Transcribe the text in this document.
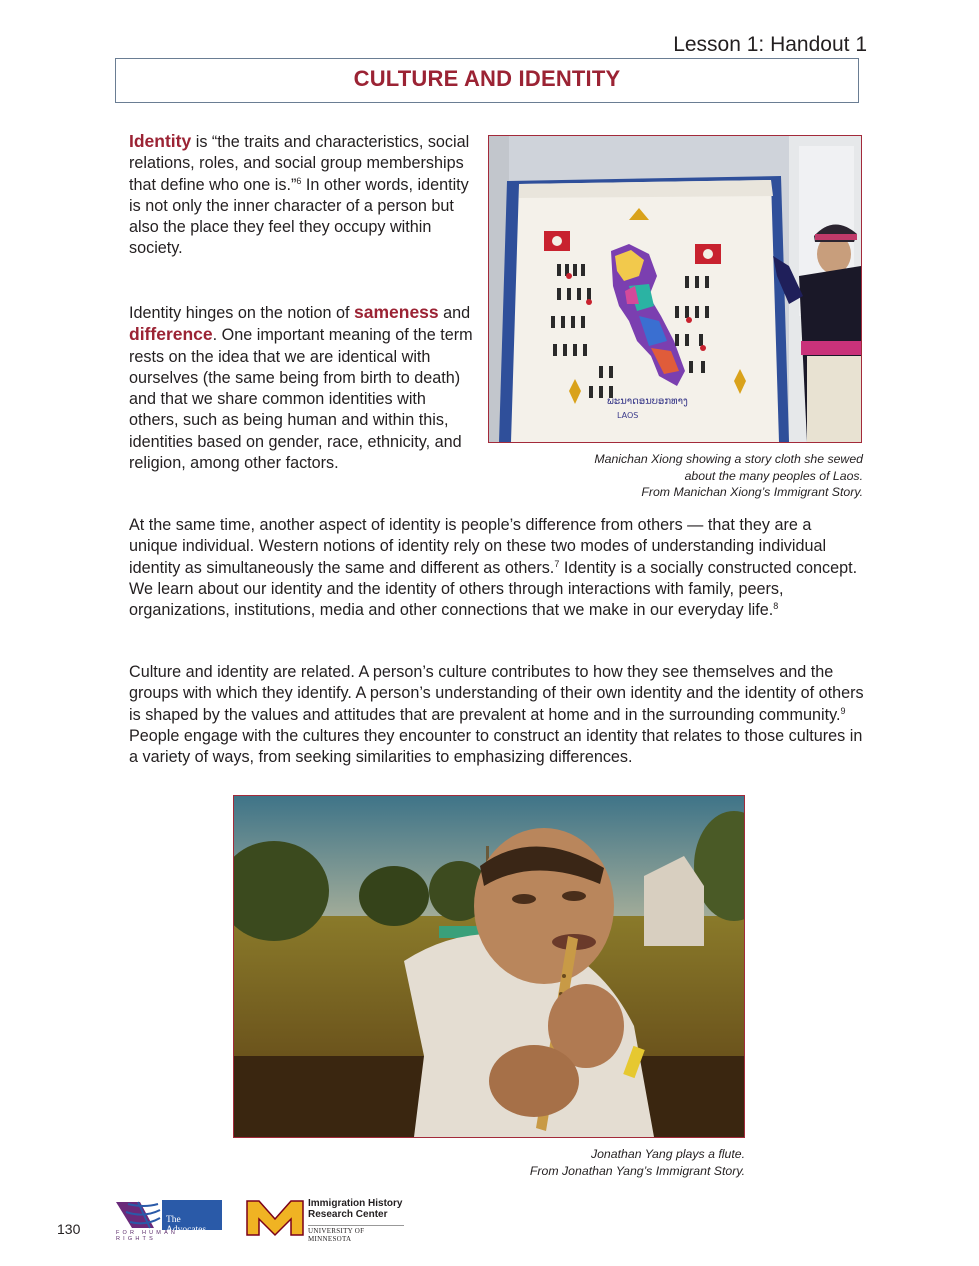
Lesson 1: Handout 1
CULTURE AND IDENTITY

Identity is “the traits and characteristics, social relations, roles, and social group memberships that define who one is.”$^6$ In other words, identity is not only the inner character of a person but also the place they feel they occupy within society.

Identity hinges on the notion of sameness and difference. One important meaning of the term rests on the idea that we are identical with ourselves (the same being from birth to death) and that we share common identities with others, such as being human and within this, identities based on gender, race, ethnicity, and religion, among other factors.

ພະນາດອນບອກທາງ
LAOS
Manichan Xiong showing a story cloth she sewed
about the many peoples of Laos.
From Manichan Xiong’s Immigrant Story.

At the same time, another aspect of identity is people’s difference from others — that they are a unique individual. Western notions of identity rely on these two modes of understanding individual identity as simultaneously the same and different as others.$^7$ Identity is a socially constructed concept. We learn about our identity and the identity of others through interactions with family, peers, organizations, institutions, media and other connections that we make in our everyday life.$^8$

Culture and identity are related. A person’s culture contributes to how they see themselves and the groups with which they identify. A person’s understanding of their own identity and the identity of others is shaped by the values and attitudes that are prevalent at home and in the surrounding community.$^9$ People engage with the cultures they encounter to construct an identity that relates to those cultures in a variety of ways, from seeking similarities to emphasizing differences.

Jonathan Yang plays a flute.
From Jonathan Yang’s Immigrant Story.
130
The Advocates
FOR HUMAN RIGHTS
Immigration History
Research Center
UNIVERSITY OF MINNESOTA
